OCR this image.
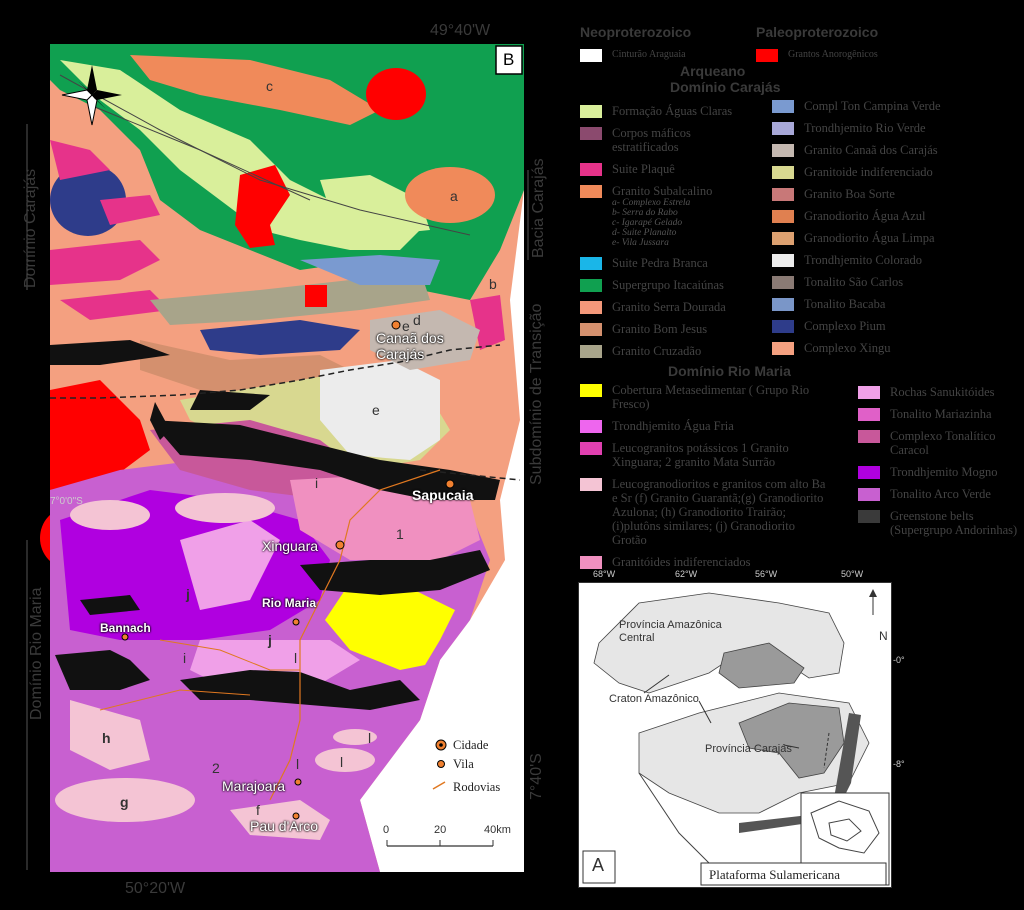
B
49°40'W
50°20'W
7°0'0"S
7°40'S
Domínio Carajás
Domínio Rio Maria
Bacia Carajás
Subdomínio de Transição
Canaã dos Carajás
Sapucaia
Xinguara
Rio Maria
Bannach
Marajoara
Pau d'Arco
a
b
c
d
e
e
f
g
h
i
i
j
j
l
l
l
l
1
2
Cidade
Vila
Rodovias
0	20	40km
Neoproterozoico	Paleoproterozoico
Cinturão Araguaia	Grantos Anorogênicos
Arqueano
Domínio Carajás
Formação Águas Claras
Corpos máficos estratificados
Suite Plaquê
Granito Subalcalino
a- Complexo Estrela
b- Serra do Rabo
c- Igarapé Gelado
d- Suite Planalto
e- Vila Jussara
Suite Pedra Branca
Supergrupo Itacaiúnas
Granito Serra Dourada
Granito Bom Jesus
Granito Cruzadão
Compl Ton Campina Verde
Trondhjemito Rio Verde
Granito Canaã dos Carajás
Granitoide indiferenciado
Granito Boa Sorte
Granodiorito Água Azul
Granodiorito Água Limpa
Trondhjemito Colorado
Tonalito São Carlos
Tonalito Bacaba
Complexo Pium
Complexo Xingu
Domínio Rio Maria
Cobertura Metasedimentar ( Grupo Rio Fresco)
Trondhjemito Água Fria
Leucogranitos potássicos 1 Granito Xinguara; 2 granito Mata Surrão
Leucogranodioritos e granitos com alto Ba e Sr (f) Granito Guarantã;(g) Granodiorito Azulona; (h) Granodiorito Trairão; (i)plutôns similares; (j) Granodiorito Grotão
Granitóides indiferenciados
Rochas Sanukitóides
Tonalito Mariazinha
Complexo Tonalítico Caracol
Trondhjemito Mogno
Tonalito Arco Verde
Greenstone belts (Supergrupo Andorinhas)
68°W	62°W	56°W	50°W
-0°
-8°
N
Província Amazônica Central
Craton Amazônico
Província Carajás
A	Plataforma Sulamericana
